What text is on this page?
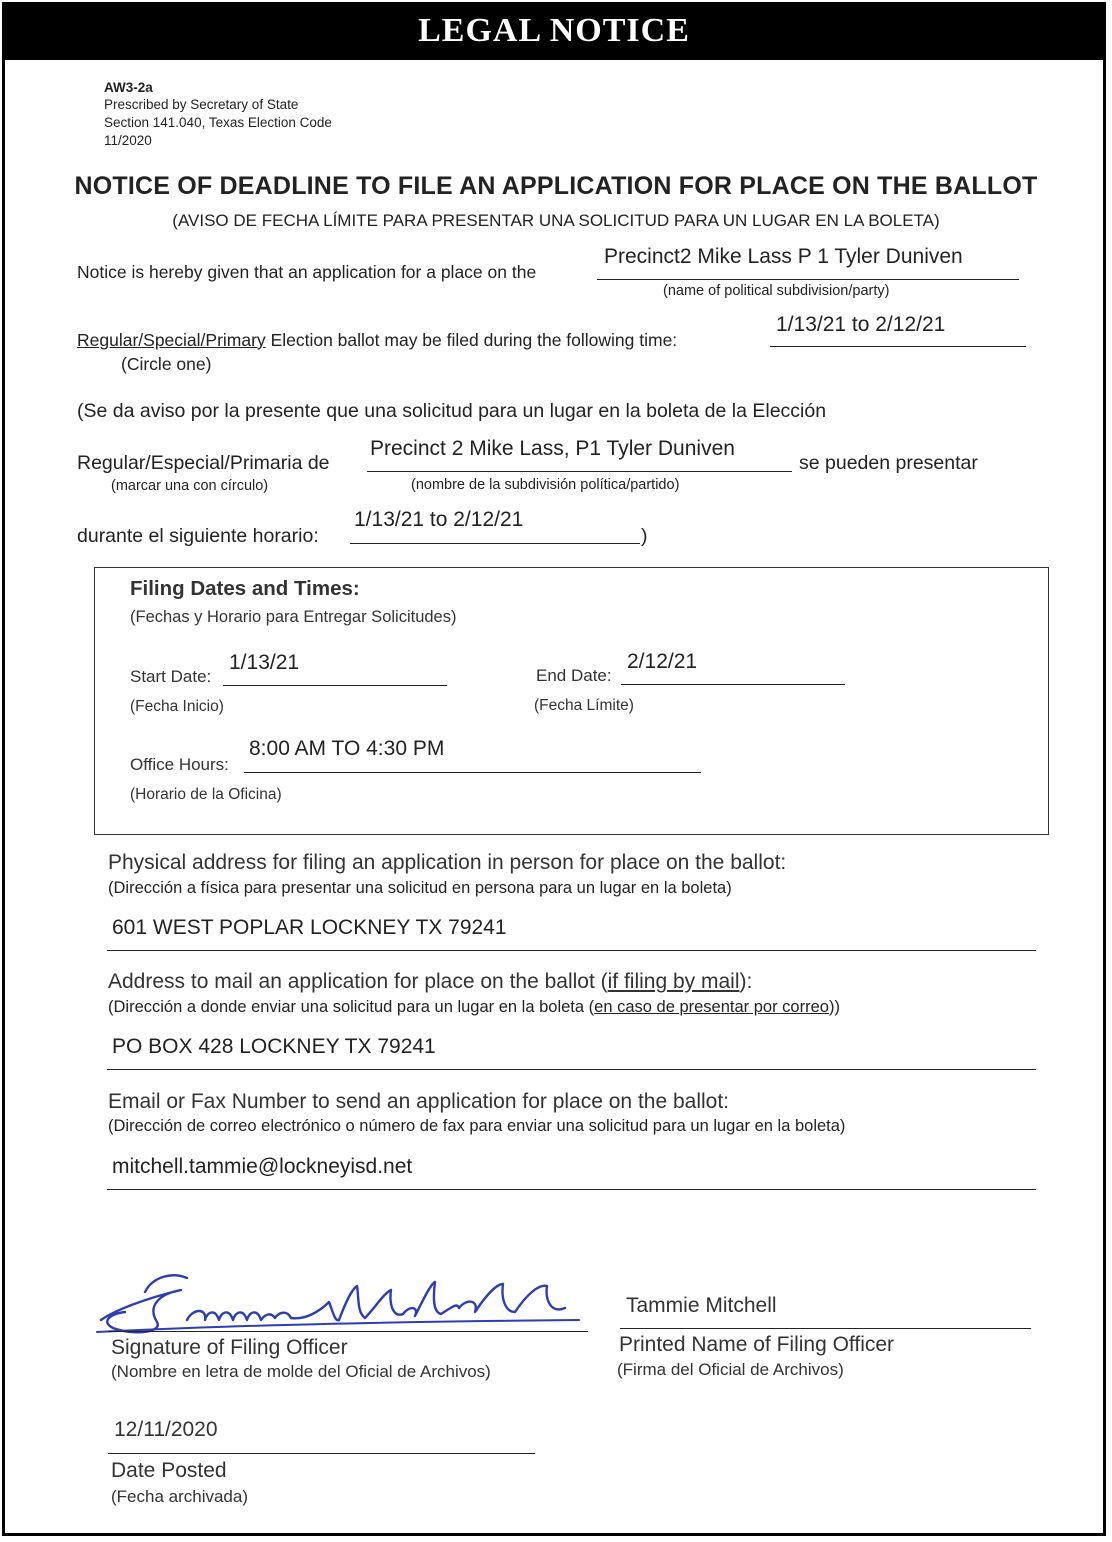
LEGAL NOTICE
AW3-2a
Prescribed by Secretary of State
Section 141.040, Texas Election Code
11/2020
NOTICE OF DEADLINE TO FILE AN APPLICATION FOR PLACE ON THE BALLOT
(AVISO DE FECHA LÍMITE PARA PRESENTAR UNA SOLICITUD PARA UN LUGAR EN LA BOLETA)
Notice is hereby given that an application for a place on the
Precinct2 Mike Lass P 1 Tyler Duniven
(name of political subdivision/party)
Regular/Special/Primary Election ballot may be filed during the following time:
1/13/21 to 2/12/21
(Circle one)
(Se da aviso por la presente que una solicitud para un lugar en la boleta de la Elección
Regular/Especial/Primaria de
Precinct 2 Mike Lass, P1 Tyler Duniven
se pueden presentar
(marcar una con círculo)	(nombre de la subdivisión política/partido)
durante el siguiente horario:
1/13/21 to 2/12/21
)
Filing Dates and Times:
(Fechas y Horario para Entregar Solicitudes)
Start Date:
1/13/21
(Fecha Inicio)
End Date:
2/12/21
(Fecha Límite)
Office Hours:
8:00 AM TO 4:30 PM
(Horario de la Oficina)
Physical address for filing an application in person for place on the ballot:
(Dirección a física para presentar una solicitud en persona para un lugar en la boleta)
601 WEST POPLAR LOCKNEY TX 79241
Address to mail an application for place on the ballot (if filing by mail):
(Dirección a donde enviar una solicitud para un lugar en la boleta (en caso de presentar por correo))
PO BOX 428 LOCKNEY TX 79241
Email or Fax Number to send an application for place on the ballot:
(Dirección de correo electrónico o número de fax para enviar una solicitud para un lugar en la boleta)
mitchell.tammie@lockneyisd.net
Signature of Filing Officer
(Nombre en letra de molde del Oficial de Archivos)
Tammie Mitchell
Printed Name of Filing Officer
(Firma del Oficial de Archivos)
12/11/2020
Date Posted
(Fecha archivada)
